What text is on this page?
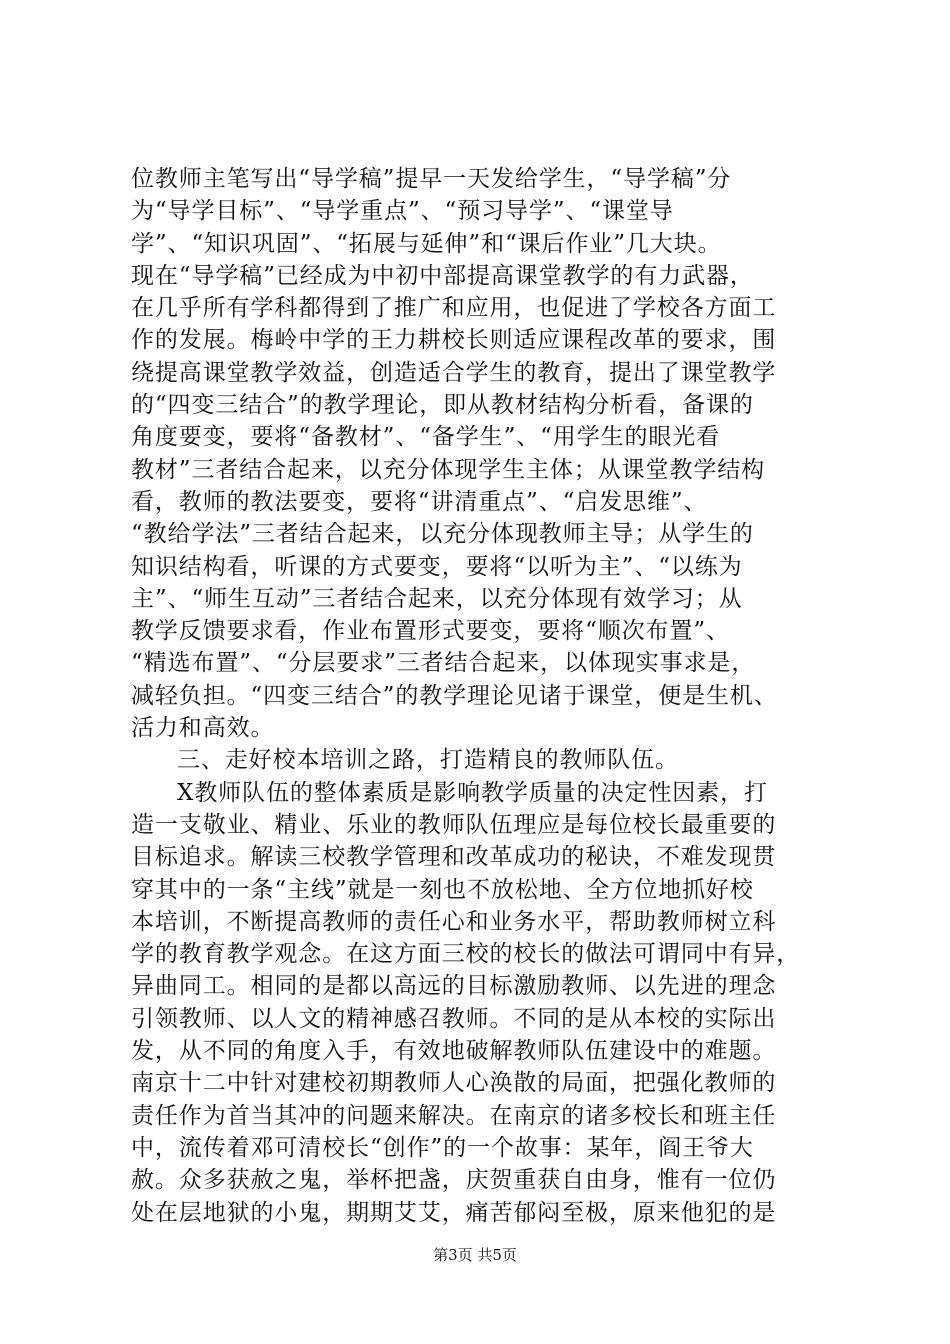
位教师主笔写出“导学稿”提早一天发给学生，“导学稿”分
为“导学目标”、“导学重点”、“预习导学”、“课堂导
学”、“知识巩固”、“拓展与延伸”和“课后作业”几大块。
现在“导学稿”已经成为中初中部提高课堂教学的有力武器，
在几乎所有学科都得到了推广和应用，也促进了学校各方面工
作的发展。梅岭中学的王力耕校长则适应课程改革的要求，围
绕提高课堂教学效益，创造适合学生的教育，提出了课堂教学
的“四变三结合”的教学理论，即从教材结构分析看，备课的
角度要变，要将“备教材”、“备学生”、“用学生的眼光看
教材”三者结合起来，以充分体现学生主体；从课堂教学结构
看，教师的教法要变，要将“讲清重点”、“启发思维”、
“教给学法”三者结合起来，以充分体现教师主导；从学生的
知识结构看，听课的方式要变，要将“以听为主”、“以练为
主”、“师生互动”三者结合起来，以充分体现有效学习；从
教学反馈要求看，作业布置形式要变，要将“顺次布置”、
“精选布置”、“分层要求”三者结合起来，以体现实事求是，
减轻负担。“四变三结合”的教学理论见诸于课堂，便是生机、
活力和高效。
三、走好校本培训之路，打造精良的教师队伍。
X教师队伍的整体素质是影响教学质量的决定性因素，打
造一支敬业、精业、乐业的教师队伍理应是每位校长最重要的
目标追求。解读三校教学管理和改革成功的秘诀，不难发现贯
穿其中的一条“主线”就是一刻也不放松地、全方位地抓好校
本培训，不断提高教师的责任心和业务水平，帮助教师树立科
学的教育教学观念。在这方面三校的校长的做法可谓同中有异，
异曲同工。相同的是都以高远的目标激励教师、以先进的理念
引领教师、以人文的精神感召教师。不同的是从本校的实际出
发，从不同的角度入手，有效地破解教师队伍建设中的难题。
南京十二中针对建校初期教师人心涣散的局面，把强化教师的
责任作为首当其冲的问题来解决。在南京的诸多校长和班主任
中，流传着邓可清校长“创作”的一个故事：某年，阎王爷大
赦。众多获赦之鬼，举杯把盏，庆贺重获自由身，惟有一位仍
处在层地狱的小鬼，期期艾艾，痛苦郁闷至极，原来他犯的是
第3页 共5页
